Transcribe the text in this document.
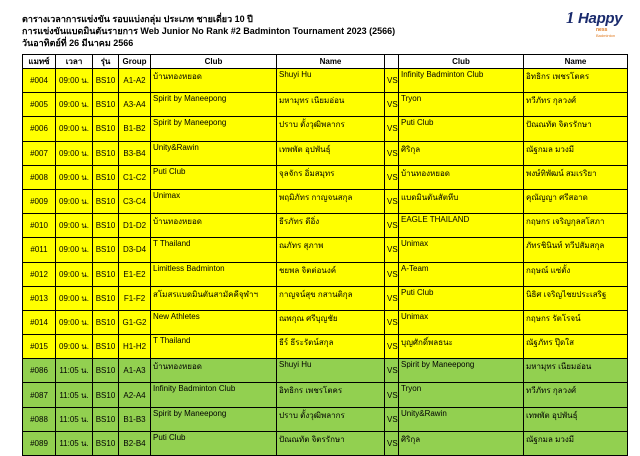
ตารางเวลาการแข่งขัน รอบแบ่งกลุ่ม ประเภท ชายเดี่ยว 10 ปี
การแข่งขันแบดมินตันรายการ Web Junior No Rank #2 Badminton Tournament 2023 (2566)
วันอาทิตย์ที่ 26 มีนาคม 2566
1 Happy
ness
Badminton
แมทซ์	เวลา	รุ่น	Group	Club	Name		Club	Name
#004	09:00 น.	BS10	A1-A2	บ้านทองหยอด	Shuyi Hu	VS	Infinity Badminton Club	อิทธิกร เพชรโตคร
#005	09:00 น.	BS10	A3-A4	Spirit by Maneepong	มหามุทร เนียมอ่อน	VS	Tryon	ทวีภัทร กุลวงศ์
#006	09:00 น.	BS10	B1-B2	Spirit by Maneepong	ปราบ ตั้งวุฒิพลากร	VS	Puti Club	ปัณณทัต จิตรรักษา
#007	09:00 น.	BS10	B3-B4	Unity&Rawin	เทพพัต อุปพันธุ์	VS	ศิริกุล	ณัฐกมล มวงมี
#008	09:00 น.	BS10	C1-C2	Puti Club	จุลจักร อิ่มสมุทร	VS	บ้านทองหยอด	พงษ์ทิพัฒน์ สมเรริยา
#009	09:00 น.	BS10	C3-C4	Unimax	พฤมิภัทร กาญจนสกุล	VS	แบดมินตันสัตหีบ	คุณัญญา ศรีสอาด
#010	09:00 น.	BS10	D1-D2	บ้านทองหยอด	ธีรภัทร ดีอิ่ง	VS	EAGLE THAILAND	กฤษกร เจริญกุลสโสภา
#011	09:00 น.	BS10	D3-D4	T Thailand	ณภัทร สุภาพ	VS	Unimax	ภัทรชินินท์ ทวีปสัมสกุล
#012	09:00 น.	BS10	E1-E2	Limitless Badminton	ชยพล จิตต่อนงค์	VS	A-Team	กฤษณ์ แซ่ตั้ง
#013	09:00 น.	BS10	F1-F2	สโมสรแบดมินตันสามัคคีจุฬาฯ	กาญจน์สุข กสานติกุล	VS	Puti Club	นิธิศ เจริญไชยประเสริฐ
#014	09:00 น.	BS10	G1-G2	New Athletes	ณพกุณ ศรีบุญชัย	VS	Unimax	กฤษกร รัตโรจน์
#015	09:00 น.	BS10	H1-H2	T Thailand	ธีร์ ธีระรัตน์สกุล	VS	บุญศักดิ์พลธนะ	ณัฐภัทร ปุ๊ดใส
#086	11:05 น.	BS10	A1-A3	บ้านทองหยอด	Shuyi Hu	VS	Spirit by Maneepong	มหามุทร เนียมอ่อน
#087	11:05 น.	BS10	A2-A4	Infinity Badminton Club	อิทธิกร เพชรโตคร	VS	Tryon	ทวีภัทร กุลวงศ์
#088	11:05 น.	BS10	B1-B3	Spirit by Maneepong	ปราบ ตั้งวุฒิพลากร	VS	Unity&Rawin	เทพพัต อุปพันธุ์
#089	11:05 น.	BS10	B2-B4	Puti Club	ปัณณทัต จิตรรักษา	VS	ศิริกุล	ณัฐกมล มวงมี
